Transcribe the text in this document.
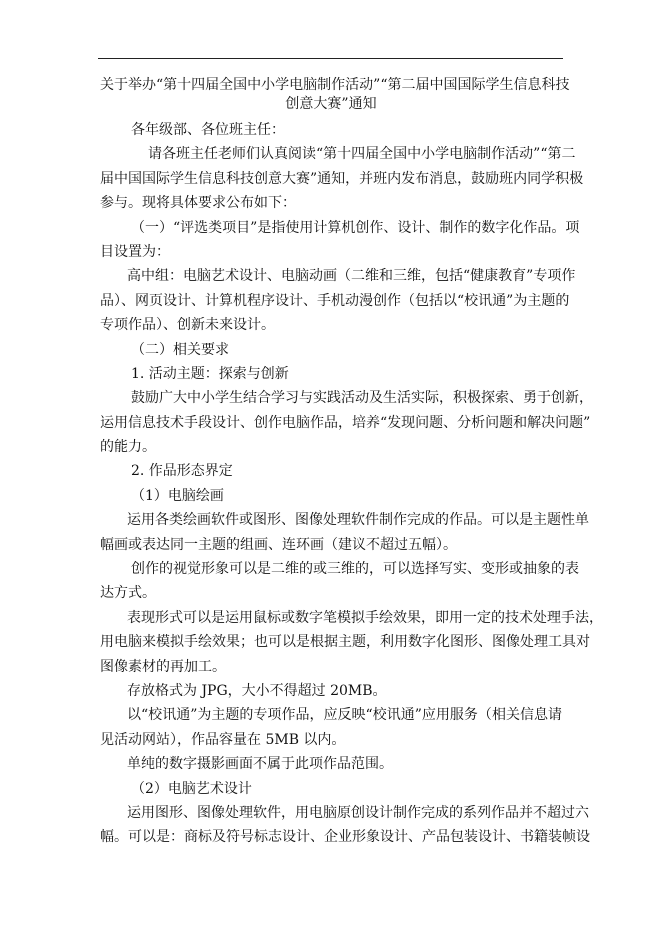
关于举办“第十四届全国中小学电脑制作活动”“第二届中国国际学生信息科技
创意大赛”通知
各年级部、各位班主任：
请各班主任老师们认真阅读“第十四届全国中小学电脑制作活动”“第二
届中国国际学生信息科技创意大赛”通知，并班内发布消息，鼓励班内同学积极
参与。现将具体要求公布如下：
（一）“评选类项目”是指使用计算机创作、设计、制作的数字化作品。项
目设置为：
高中组：电脑艺术设计、电脑动画（二维和三维，包括“健康教育”专项作
品）、网页设计、计算机程序设计、手机动漫创作（包括以“校讯通”为主题的
专项作品）、创新未来设计。
（二）相关要求
1. 活动主题：探索与创新
鼓励广大中小学生结合学习与实践活动及生活实际，积极探索、勇于创新，
运用信息技术手段设计、创作电脑作品，培养“发现问题、分析问题和解决问题”
的能力。
2. 作品形态界定
（1）电脑绘画
运用各类绘画软件或图形、图像处理软件制作完成的作品。可以是主题性单
幅画或表达同一主题的组画、连环画（建议不超过五幅）。
创作的视觉形象可以是二维的或三维的，可以选择写实、变形或抽象的表
达方式。
表现形式可以是运用鼠标或数字笔模拟手绘效果，即用一定的技术处理手法，
用电脑来模拟手绘效果；也可以是根据主题，利用数字化图形、图像处理工具对
图像素材的再加工。
存放格式为 JPG，大小不得超过 20MB。
以“校讯通”为主题的专项作品，应反映“校讯通”应用服务（相关信息请
见活动网站），作品容量在 5MB 以内。
单纯的数字摄影画面不属于此项作品范围。
（2）电脑艺术设计
运用图形、图像处理软件，用电脑原创设计制作完成的系列作品并不超过六
幅。可以是：商标及符号标志设计、企业形象设计、产品包装设计、书籍装帧设
